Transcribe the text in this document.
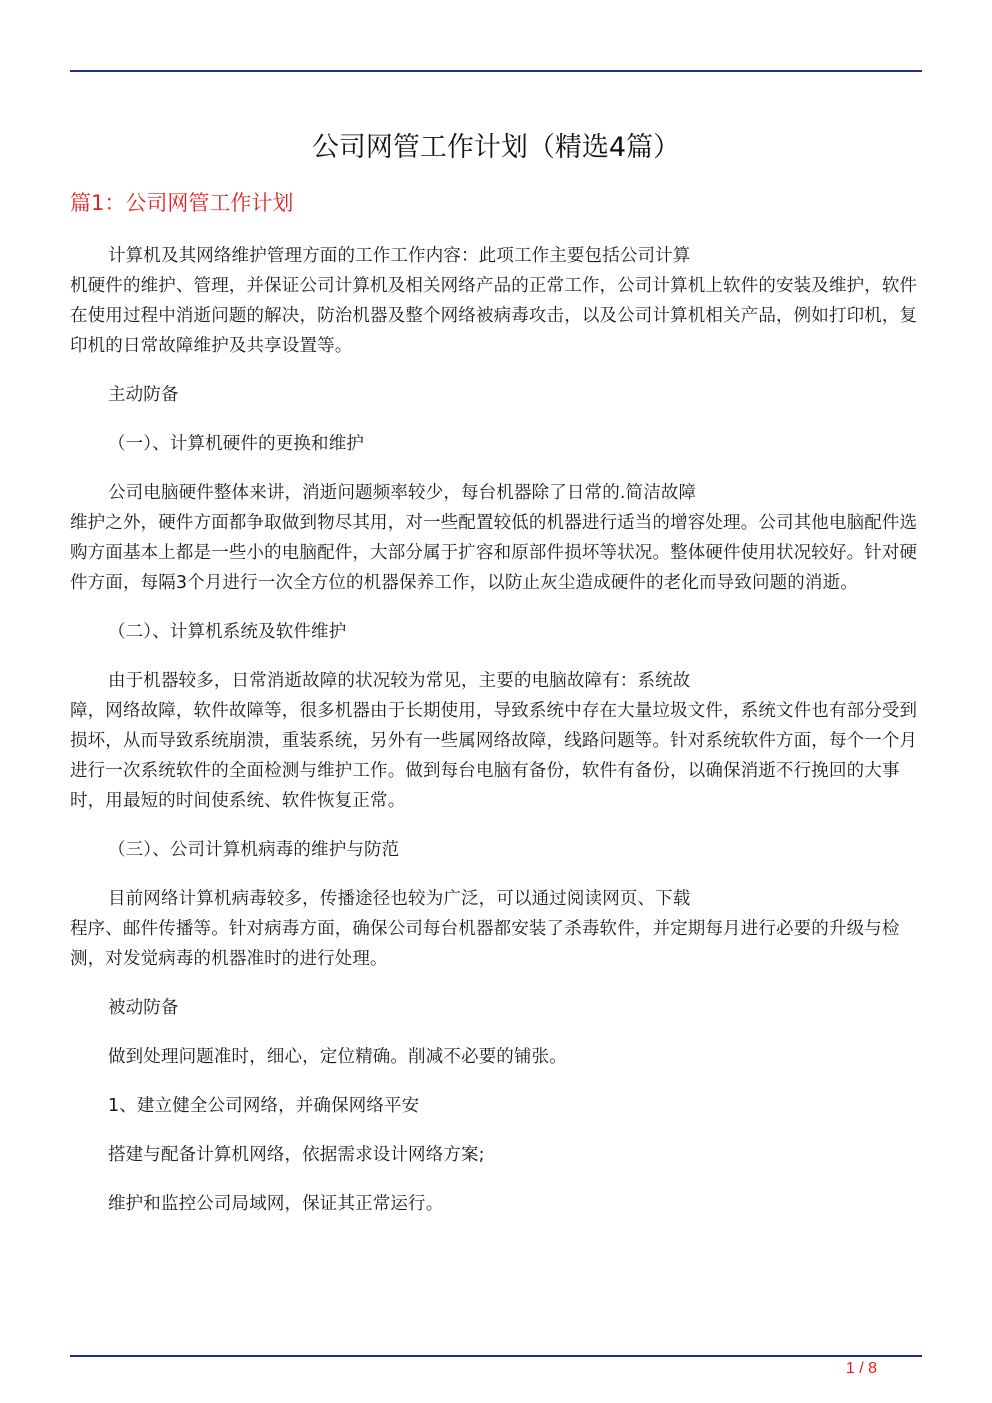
公司网管工作计划（精选4篇）
篇1：公司网管工作计划

计算机及其网络维护管理方面的工作工作内容：此项工作主要包括公司计算
机硬件的维护、管理，并保证公司计算机及相关网络产品的正常工作，公司计算机上软件的安装及维护，软件在使用过程中消逝问题的解决，防治机器及整个网络被病毒攻击，以及公司计算机相关产品，例如打印机，复印机的日常故障维护及共享设置等。

主动防备

（一）、计算机硬件的更换和维护

公司电脑硬件整体来讲，消逝问题频率较少，每台机器除了日常的.简洁故障
维护之外，硬件方面都争取做到物尽其用，对一些配置较低的机器进行适当的增容处理。公司其他电脑配件选购方面基本上都是一些小的电脑配件，大部分属于扩容和原部件损坏等状况。整体硬件使用状况较好。针对硬件方面，每隔3个月进行一次全方位的机器保养工作，以防止灰尘造成硬件的老化而导致问题的消逝。

（二）、计算机系统及软件维护

由于机器较多，日常消逝故障的状况较为常见，主要的电脑故障有：系统故
障，网络故障，软件故障等，很多机器由于长期使用，导致系统中存在大量垃圾文件，系统文件也有部分受到损坏，从而导致系统崩溃，重装系统，另外有一些属网络故障，线路问题等。针对系统软件方面，每个一个月进行一次系统软件的全面检测与维护工作。做到每台电脑有备份，软件有备份，以确保消逝不行挽回的大事时，用最短的时间使系统、软件恢复正常。

（三）、公司计算机病毒的维护与防范

目前网络计算机病毒较多，传播途径也较为广泛，可以通过阅读网页、下载
程序、邮件传播等。针对病毒方面，确保公司每台机器都安装了杀毒软件，并定期每月进行必要的升级与检测，对发觉病毒的机器准时的进行处理。

被动防备

做到处理问题准时，细心，定位精确。削减不必要的铺张。

1、建立健全公司网络，并确保网络平安

搭建与配备计算机网络，依据需求设计网络方案;

维护和监控公司局域网，保证其正常运行。

1 / 8
